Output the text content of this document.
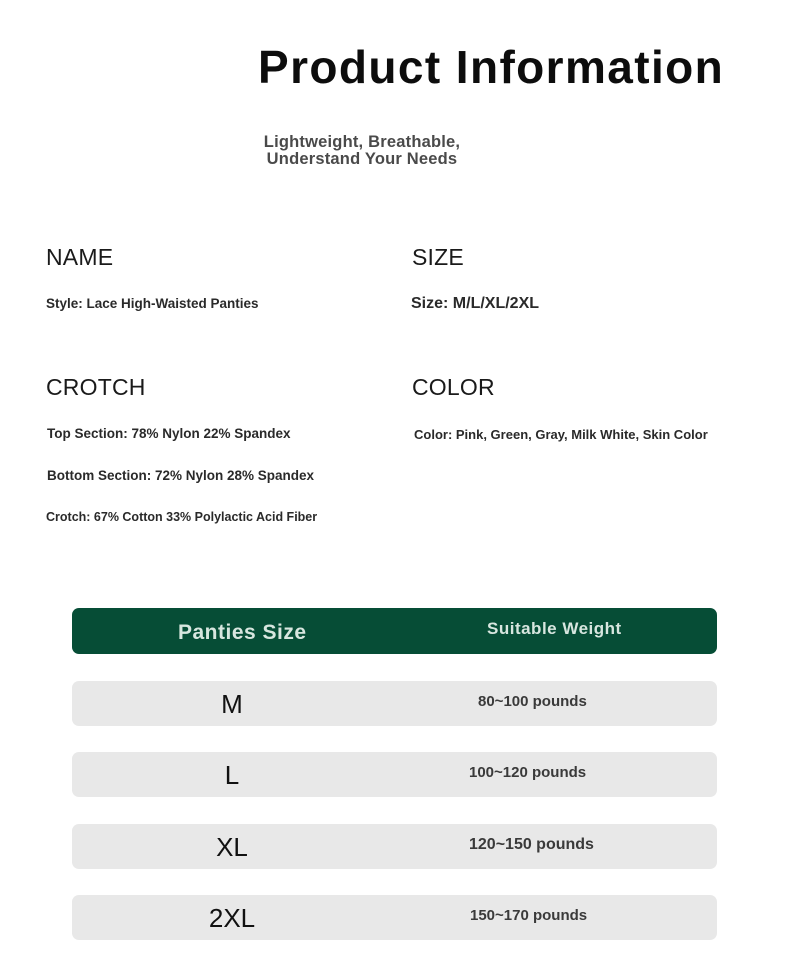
Product Information
Lightweight, Breathable,
Understand Your Needs
NAME
Style: Lace High-Waisted Panties
SIZE
Size: M/L/XL/2XL
CROTCH
Top Section: 78% Nylon 22% Spandex
Bottom Section: 72% Nylon 28% Spandex
Crotch: 67% Cotton 33% Polylactic Acid Fiber
COLOR
Color: Pink, Green, Gray, Milk White, Skin Color
Panties Size	Suitable Weight
M	80~100 pounds
L	100~120 pounds
XL	120~150 pounds
2XL	150~170 pounds
